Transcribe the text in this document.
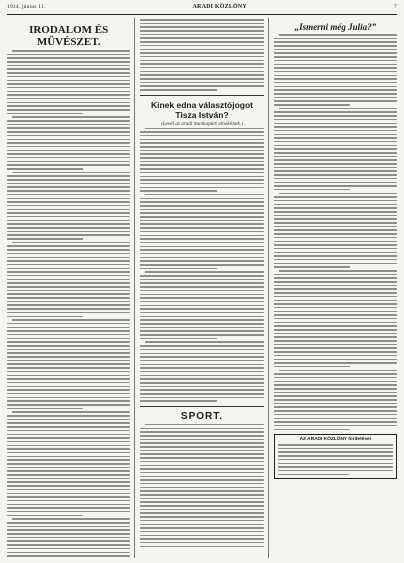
1914. június 11.	ARADI KÖZLÖNY	7
IRODALOM ÉS MŰVÉSZET.
Kinek edna választójogot Tisza István?
(Levél az aradi munkapárt elnökének.)
SPORT.
„Ismerni még Julia?”
AZ ARADI KÖZLÖNY hirdetései
